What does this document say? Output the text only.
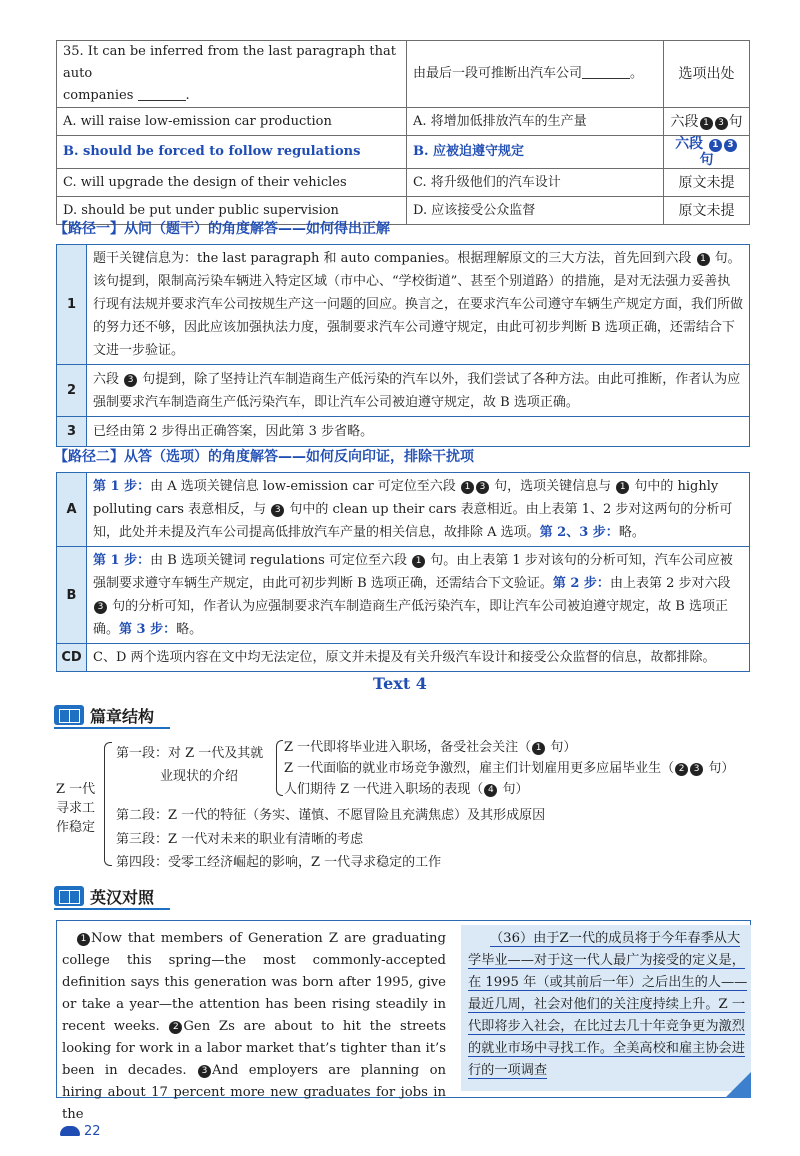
35. It can be inferred from the last paragraph that auto
companies .	由最后一段可推断出汽车公司 。	选项出处
A. will raise low-emission car production	A. 将增加低排放汽车的生产量	六段 1 3 句
B. should be forced to follow regulations	B. 应被迫遵守规定	六段 1 3 句
C. will upgrade the design of their vehicles	C. 将升级他们的汽车设计	原文未提
D. should be put under public supervision	D. 应该接受公众监督	原文未提
【路径一】从问（题干）的角度解答——如何得出正解
1	题干关键信息为：the last paragraph 和 auto companies。根据理解原文的三大方法，首先回到六段 1 句。该句提到，限制高污染车辆进入特定区域（市中心、“学校街道”、甚至个别道路）的措施，是对无法强力妥善执行现有法规并要求汽车公司按规生产这一问题的回应。换言之，在要求汽车公司遵守车辆生产规定方面，我们所做的努力还不够，因此应该加强执法力度，强制要求汽车公司遵守规定，由此可初步判断 B 选项正确，还需结合下文进一步验证。
2	六段 3 句提到，除了坚持让汽车制造商生产低污染的汽车以外，我们尝试了各种方法。由此可推断，作者认为应强制要求汽车制造商生产低污染汽车，即让汽车公司被迫遵守规定，故 B 选项正确。
3	已经由第 2 步得出正确答案，因此第 3 步省略。
【路径二】从答（选项）的角度解答——如何反向印证，排除干扰项
A	第 1 步：由 A 选项关键信息 low-emission car 可定位至六段 1 3 句，选项关键信息与 1 句中的 highly polluting cars 表意相反，与 3 句中的 clean up their cars 表意相近。由上表第 1、2 步对这两句的分析可知，此处并未提及汽车公司提高低排放汽车产量的相关信息，故排除 A 选项。第 2、3 步：略。
B	第 1 步：由 B 选项关键词 regulations 可定位至六段 1 句。由上表第 1 步对该句的分析可知，汽车公司应被强制要求遵守车辆生产规定，由此可初步判断 B 选项正确，还需结合下文验证。第 2 步：由上表第 2 步对六段 3 句的分析可知，作者认为应强制要求汽车制造商生产低污染汽车，即让汽车公司被迫遵守规定，故 B 选项正确。第 3 步：略。
CD	C、D 两个选项内容在文中均无法定位，原文并未提及有关升级汽车设计和接受公众监督的信息，故都排除。
Text 4
篇章结构
Z 一代
寻求工
作稳定
第一段：对 Z 一代及其就
业现状的介绍
Z 一代即将毕业进入职场，备受社会关注（ 1 句）
Z 一代面临的就业市场竞争激烈，雇主们计划雇用更多应届毕业生（ 2 3 句）
人们期待 Z 一代进入职场的表现（ 4 句）
第二段：Z 一代的特征（务实、谨慎、不愿冒险且充满焦虑）及其形成原因
第三段：Z 一代对未来的职业有清晰的考虑
第四段：受零工经济崛起的影响，Z 一代寻求稳定的工作
英汉对照
1 Now that members of Generation Z are graduating college this spring—the most commonly-accepted definition says this generation was born after 1995, give or take a year—the attention has been rising steadily in recent weeks. 2 Gen Zs are about to hit the streets looking for work in a labor market that’s tighter than it’s been in decades. 3 And employers are planning on hiring about 17 percent more new graduates for jobs in the
（36）由于Z一代的成员将于今年春季从大学毕业——对于这一代人最广为接受的定义是，在 1995 年（或其前后一年）之后出生的人——最近几周，社会对他们的关注度持续上升。Z 一代即将步入社会，在比过去几十年竞争更为激烈的就业市场中寻找工作。全美高校和雇主协会进行的一项调查
22
